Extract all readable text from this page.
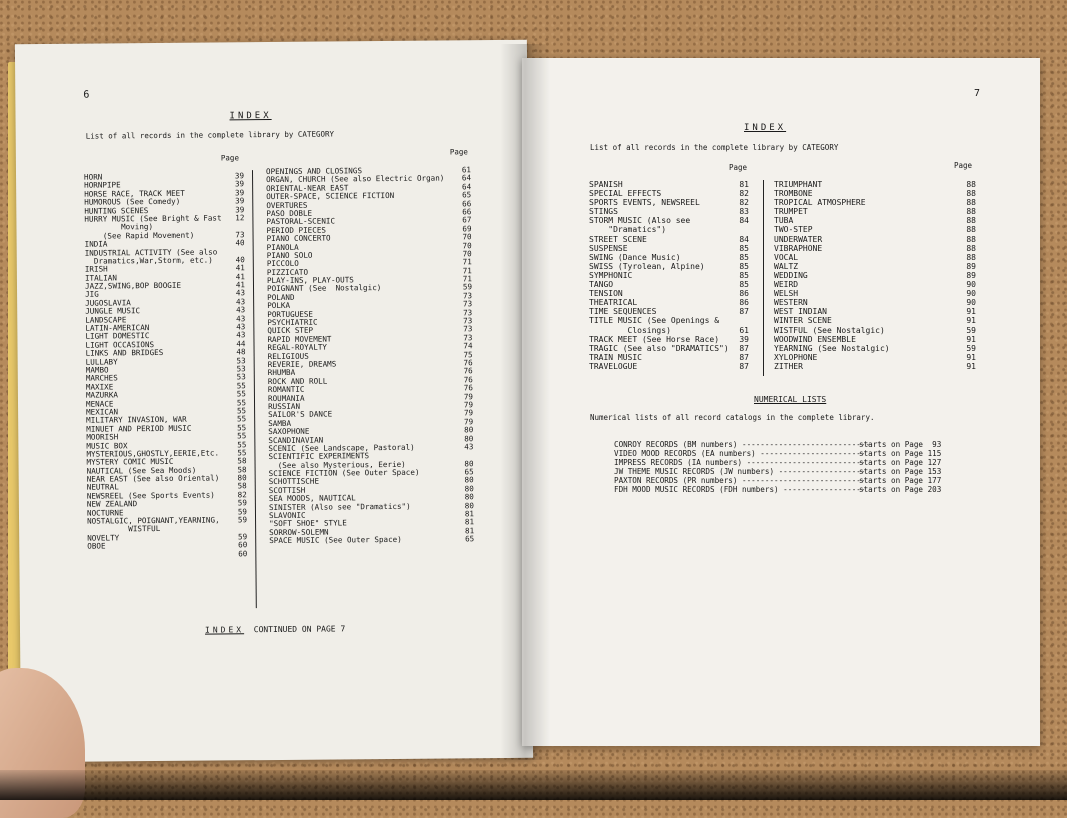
6
INDEX
List of all records in the complete library by CATEGORY
Page
Page
HORN	39
HORNPIPE	39
HORSE RACE, TRACK MEET	39
HUMOROUS (See Comedy)	39
HUNTING SCENES	39
HURRY MUSIC (See Bright & Fast 12
Moving)
(See Rapid Movement)	73
INDIA	40
INDUSTRIAL ACTIVITY (See also
Dramatics,War,Storm, etc.)	40
IRISH	41
ITALIAN	41
JAZZ,SWING,BOP BOOGIE	41
JIG	43
JUGOSLAVIA	43
JUNGLE MUSIC	43
LANDSCAPE	43
LATIN-AMERICAN	43
LIGHT DOMESTIC	43
LIGHT OCCASIONS	44
LINKS AND BRIDGES	48
LULLABY	53
MAMBO	53
MARCHES	53
MAXIXE	55
MAZURKA	55
MENACE	55
MEXICAN	55
MILITARY INVASION, WAR	55
MINUET AND PERIOD MUSIC	55
MOORISH	55
MUSIC BOX	55
MYSTERIOUS,GHOSTLY,EERIE,Etc. 55
MYSTERY COMIC MUSIC	58
NAUTICAL (See Sea Moods)	58
NEAR EAST (See also Oriental) 80
NEUTRAL	58
NEWSREEL (See Sports Events)	82
NEW ZEALAND	59
NOCTURNE	59
NOSTALGIC, POIGNANT,YEARNING, 59
WISTFUL
NOVELTY	59
OBOE	60
60
OPENINGS AND CLOSINGS	61
ORGAN, CHURCH (See also Electric Organ) 64
ORIENTAL-NEAR EAST	64
OUTER-SPACE, SCIENCE FICTION	65
OVERTURES	66
PASO DOBLE	66
PASTORAL-SCENIC	67
PERIOD PIECES	69
PIANO CONCERTO	70
PIANOLA	70
PIANO SOLO	70
PICCOLO	71
PIZZICATO	71
PLAY-INS, PLAY-OUTS	71
POIGNANT (See  Nostalgic)	59
POLAND	73
POLKA	73
PORTUGUESE	73
PSYCHIATRIC	73
QUICK STEP	73
RAPID MOVEMENT	73
REGAL-ROYALTY	74
RELIGIOUS	75
REVERIE, DREAMS	76
RHUMBA	76
ROCK AND ROLL	76
ROMANTIC	76
ROUMANIA	79
RUSSIAN	79
SAILOR'S DANCE	79
SAMBA	79
SAXOPHONE	80
SCANDINAVIAN	80
SCENIC (See Landscape, Pastoral)	43
SCIENTIFIC EXPERIMENTS
(See also Mysterious, Eerie)	80
SCIENCE FICTION (See Outer Space)	65
SCHOTTISCHE	80
SCOTTISH	80
SEA MOODS, NAUTICAL	80
SINISTER (Also see "Dramatics")	80
SLAVONIC	81
"SOFT SHOE" STYLE	81
SORROW-SOLEMN	81
SPACE MUSIC (See Outer Space)	65
INDEX CONTINUED ON PAGE 7
7
INDEX
List of all records in the complete library by CATEGORY
Page	Page
SPANISH	81
SPECIAL EFFECTS	82
SPORTS EVENTS, NEWSREEL	82
STINGS	83
STORM MUSIC (Also see	84
"Dramatics")
STREET SCENE	84
SUSPENSE	85
SWING (Dance Music)	85
SWISS (Tyrolean, Alpine)	85
SYMPHONIC	85
TANGO	85
TENSION	86
THEATRICAL	86
TIME SEQUENCES	87
TITLE MUSIC (See Openings &
Closings)	61
TRACK MEET (See Horse Race)	39
TRAGIC (See also "DRAMATICS") 87
TRAIN MUSIC	87
TRAVELOGUE	87
TRIUMPHANT	88
TROMBONE	88
TROPICAL ATMOSPHERE	88
TRUMPET	88
TUBA	88
TWO-STEP	88
UNDERWATER	88
VIBRAPHONE	88
VOCAL	88
WALTZ	89
WEDDING	89
WEIRD	90
WELSH	90
WESTERN	90
WEST INDIAN	91
WINTER SCENE	91
WISTFUL (See Nostalgic)	59
WOODWIND ENSEMBLE	91
YEARNING (See Nostalgic)	59
XYLOPHONE	91
ZITHER	91
NUMERICAL LISTS
Numerical lists of all record catalogs in the complete library.
CONROY RECORDS (BM numbers) ----------------------------
starts on Page  93
VIDEO MOOD RECORDS (EA numbers) -----------------------
starts on Page 115
IMPRESS RECORDS (IA numbers) --------------------------
starts on Page 127
JW THEME MUSIC RECORDS (JW numbers) -------------------
starts on Page 153
PAXTON RECORDS (PR numbers) ---------------------------
starts on Page 177
FDH MOOD MUSIC RECORDS (FDH numbers) ------------------
starts on Page 203
